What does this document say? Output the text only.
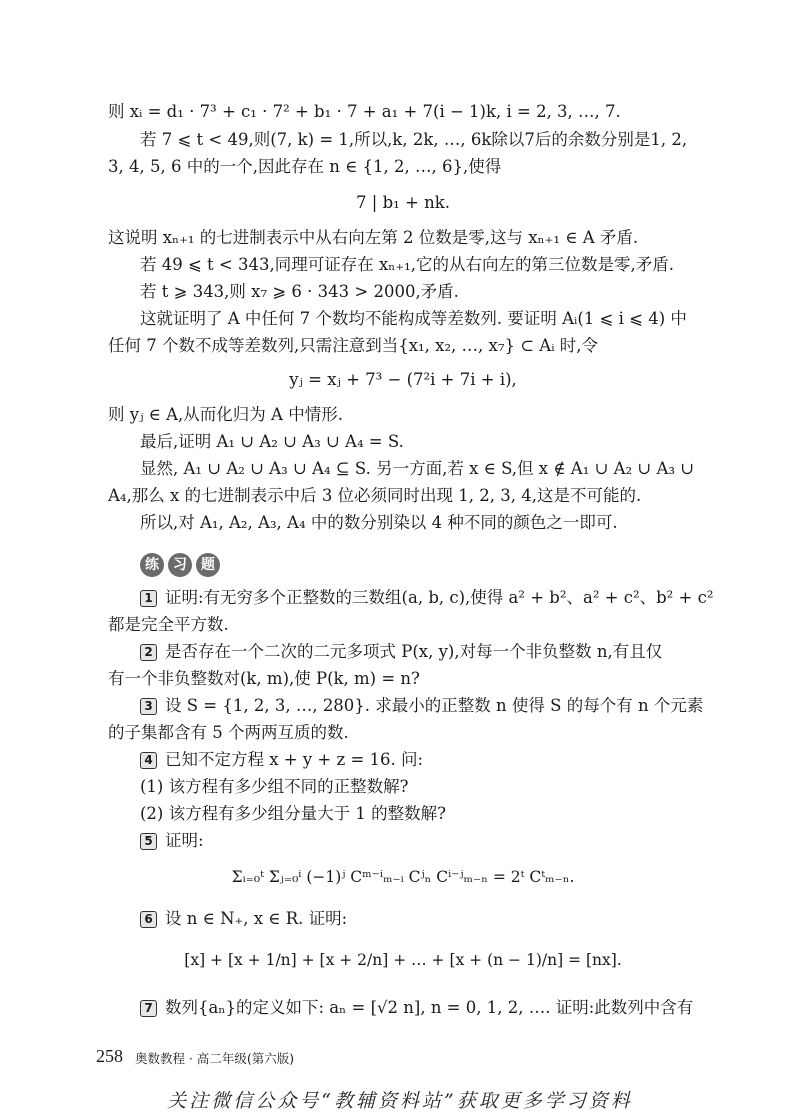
则 xᵢ = d₁ · 7³ + c₁ · 7² + b₁ · 7 + a₁ + 7(i − 1)k, i = 2, 3, …, 7.
若 7 ⩽ t < 49,则(7, k) = 1,所以,k, 2k, …, 6k除以7后的余数分别是1, 2,
3, 4, 5, 6 中的一个,因此存在 n ∈ {1, 2, …, 6},使得
7 | b₁ + nk.
这说明 xₙ₊₁ 的七进制表示中从右向左第 2 位数是零,这与 xₙ₊₁ ∈ A 矛盾.
若 49 ⩽ t < 343,同理可证存在 xₙ₊₁,它的从右向左的第三位数是零,矛盾.
若 t ⩾ 343,则 x₇ ⩾ 6 · 343 > 2000,矛盾.
这就证明了 A 中任何 7 个数均不能构成等差数列. 要证明 Aᵢ(1 ⩽ i ⩽ 4) 中
任何 7 个数不成等差数列,只需注意到当{x₁, x₂, …, x₇} ⊂ Aᵢ 时,令
yⱼ = xⱼ + 7³ − (7²i + 7i + i),
则 yⱼ ∈ A,从而化归为 A 中情形.
最后,证明 A₁ ∪ A₂ ∪ A₃ ∪ A₄ = S.
显然, A₁ ∪ A₂ ∪ A₃ ∪ A₄ ⊆ S. 另一方面,若 x ∈ S,但 x ∉ A₁ ∪ A₂ ∪ A₃ ∪
A₄,那么 x 的七进制表示中后 3 位必须同时出现 1, 2, 3, 4,这是不可能的.
所以,对 A₁, A₂, A₃, A₄ 中的数分别染以 4 种不同的颜色之一即可.
练	习	题
1 证明:有无穷多个正整数的三数组(a, b, c),使得 a² + b²、a² + c²、b² + c²
都是完全平方数.
2 是否存在一个二次的二元多项式 P(x, y),对每一个非负整数 n,有且仅
有一个非负整数对(k, m),使 P(k, m) = n?
3 设 S = {1, 2, 3, …, 280}. 求最小的正整数 n 使得 S 的每个有 n 个元素
的子集都含有 5 个两两互质的数.
4 已知不定方程 x + y + z = 16. 问:
(1) 该方程有多少组不同的正整数解?
(2) 该方程有多少组分量大于 1 的整数解?
5 证明:
Σᵢ₌₀ᵗ Σⱼ₌₀ⁱ (−1)ʲ Cᵐ⁻ⁱₘ₋ᵢ Cʲₙ Cⁱ⁻ʲₘ₋ₙ = 2ᵗ Cᵗₘ₋ₙ.
6 设 n ∈ N₊, x ∈ R. 证明:
[x] + [x + 1/n] + [x + 2/n] + … + [x + (n − 1)/n] = [nx].
7 数列{aₙ}的定义如下: aₙ = [√2 n], n = 0, 1, 2, …. 证明:此数列中含有
258 奥数教程 · 高二年级(第六版)
关注微信公众号“教辅资料站”获取更多学习资料
